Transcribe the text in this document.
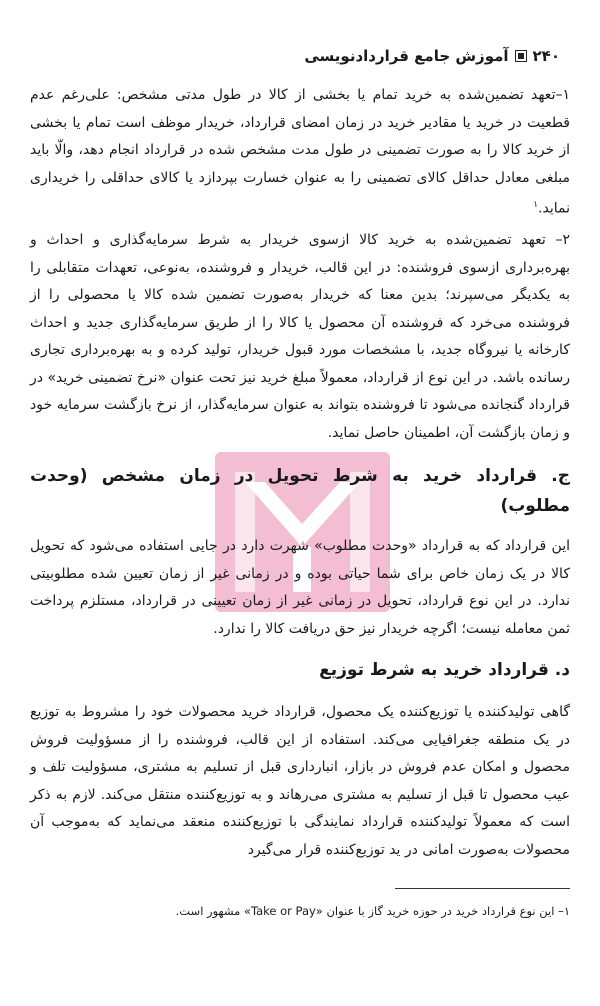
۲۴۰
آموزش جامع قراردادنویسی

۱–تعهد تضمین‌شده به خرید تمام یا بخشی از کالا در طول مدتی مشخص: علی‌رغم عدم قطعیت در خرید یا مقادیر خرید در زمان امضای قرارداد، خریدار موظف است تمام یا بخشی از خرید کالا را به صورت تضمینی در طول مدت مشخص شده در قرارداد انجام دهد، والّا باید مبلغی معادل حداقل کالای تضمینی را به عنوان خسارت بپردازد یا کالای حداقلی را خریداری نماید.$^۱$

۲– تعهد تضمین‌شده به خرید کالا ازسوی خریدار به شرط سرمایه‌گذاری و احداث و بهره‌برداری ازسوی فروشنده: در این قالب، خریدار و فروشنده، به‌نوعی، تعهدات متقابلی را به یکدیگر می‌سپرند؛ بدین معنا که خریدار به‌صورت تضمین شده کالا یا محصولی را از فروشنده می‌خرد که فروشنده آن محصول یا کالا را از طریق سرمایه‌گذاری جدید و احداث کارخانه یا نیروگاه جدید، با مشخصات مورد قبول خریدار، تولید کرده و به بهره‌برداری تجاری رسانده باشد. در این نوع از قرارداد، معمولاً مبلغ خرید نیز تحت عنوان «نرخ تضمینی خرید» در قرارداد گنجانده می‌شود تا فروشنده بتواند به عنوان سرمایه‌گذار، از نرخ بازگشت سرمایه خود و زمان بازگشت آن، اطمینان حاصل نماید.

ج. قرارداد خرید به شرط تحویل در زمان مشخص (وحدت مطلوب)

این قرارداد که به قرارداد «وحدت مطلوب» شهرت دارد در جایی استفاده می‌شود که تحویل کالا در یک زمان خاص برای شما حیاتی بوده و در زمانی غیر از زمان تعیین شده مطلوبیتی ندارد. در این نوع قرارداد، تحویل در زمانی غیر از زمان تعیینی در قرارداد، مستلزم پرداخت ثمن معامله نیست؛ اگرچه خریدار نیز حق دریافت کالا را ندارد.

د. قرارداد خرید به شرط توزیع

گاهی تولیدکننده یا توزیع‌کننده یک محصول، قرارداد خرید محصولات خود را مشروط به توزیع در یک منطقه جغرافیایی می‌کند. استفاده از این قالب، فروشنده را از مسؤولیت فروش محصول و امکان عدم فروش در بازار، انبارداری قبل از تسلیم به مشتری، مسؤولیت تلف و عیب محصول تا قبل از تسلیم به مشتری می‌رهاند و به توزیع‌کننده منتقل می‌کند. لازم به ذکر است که معمولاً تولیدکننده قرارداد نمایندگی با توزیع‌کننده منعقد می‌نماید که به‌موجب آن محصولات به‌صورت امانی در ید توزیع‌کننده قرار می‌گیرد

۱– این نوع قرارداد خرید در حوزه خرید گاز با عنوان «Take or Pay» مشهور است.
